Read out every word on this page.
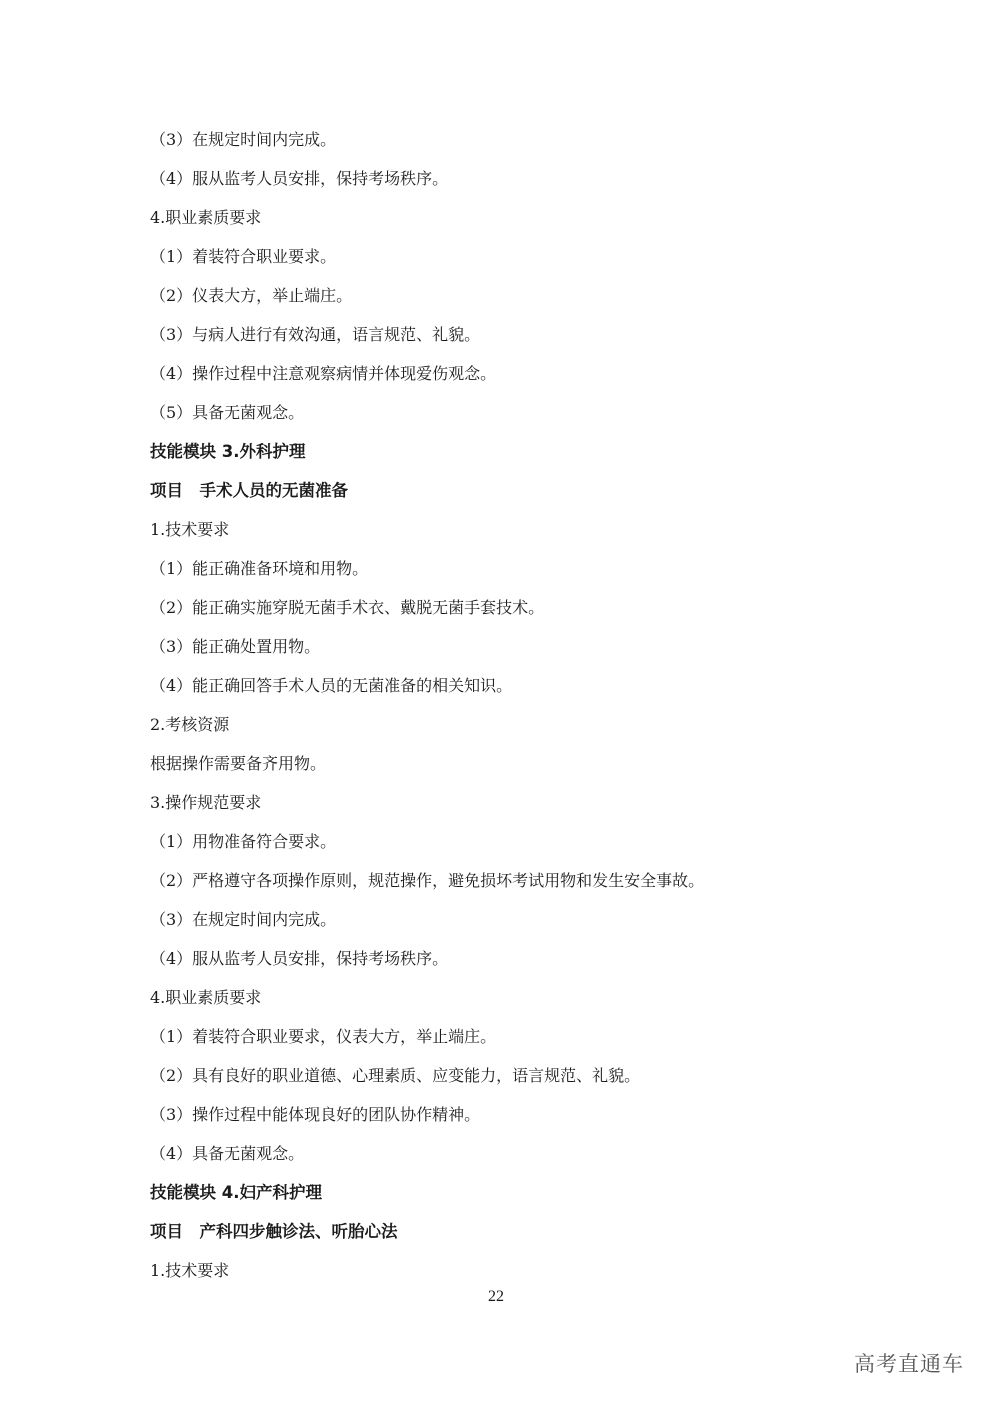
（3）在规定时间内完成。
（4）服从监考人员安排，保持考场秩序。
4.职业素质要求
（1）着装符合职业要求。
（2）仪表大方，举止端庄。
（3）与病人进行有效沟通，语言规范、礼貌。
（4）操作过程中注意观察病情并体现爱伤观念。
（5）具备无菌观念。
技能模块 3.外科护理
项目　手术人员的无菌准备
1.技术要求
（1）能正确准备环境和用物。
（2）能正确实施穿脱无菌手术衣、戴脱无菌手套技术。
（3）能正确处置用物。
（4）能正确回答手术人员的无菌准备的相关知识。
2.考核资源
根据操作需要备齐用物。
3.操作规范要求
（1）用物准备符合要求。
（2）严格遵守各项操作原则，规范操作，避免损坏考试用物和发生安全事故。
（3）在规定时间内完成。
（4）服从监考人员安排，保持考场秩序。
4.职业素质要求
（1）着装符合职业要求，仪表大方，举止端庄。
（2）具有良好的职业道德、心理素质、应变能力，语言规范、礼貌。
（3）操作过程中能体现良好的团队协作精神。
（4）具备无菌观念。
技能模块 4.妇产科护理
项目　产科四步触诊法、听胎心法
1.技术要求
22
高考直通车
